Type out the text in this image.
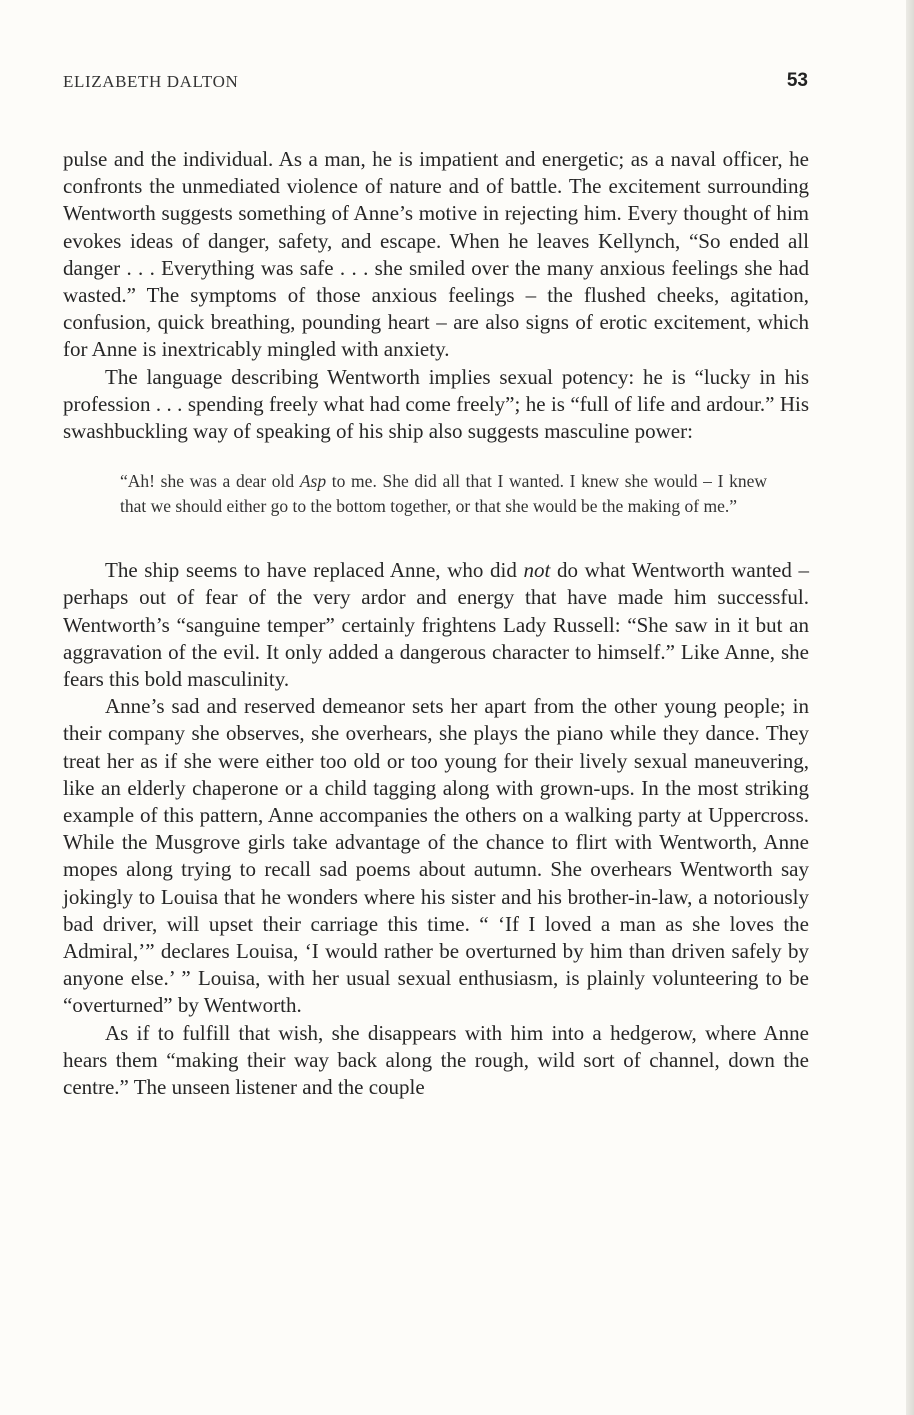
ELIZABETH DALTON	53

pulse and the individual. As a man, he is impatient and energetic; as a naval officer, he confronts the unmediated violence of nature and of battle. The excitement surrounding Wentworth suggests something of Anne’s motive in rejecting him. Every thought of him evokes ideas of danger, safety, and escape. When he leaves Kellynch, “So ended all danger . . . Everything was safe . . . she smiled over the many anxious feelings she had wasted.” The symptoms of those anxious feelings – the flushed cheeks, agitation, confusion, quick breathing, pounding heart – are also signs of erotic excitement, which for Anne is inextricably mingled with anxiety.

The language describing Wentworth implies sexual potency: he is “lucky in his profession . . . spending freely what had come freely”; he is “full of life and ardour.” His swashbuckling way of speaking of his ship also suggests masculine power:

“Ah! she was a dear old Asp to me. She did all that I wanted. I knew she would – I knew that we should either go to the bottom together, or that she would be the making of me.”

The ship seems to have replaced Anne, who did not do what Wentworth wanted – perhaps out of fear of the very ardor and energy that have made him successful. Wentworth’s “sanguine temper” certainly frightens Lady Russell: “She saw in it but an aggravation of the evil. It only added a dangerous character to himself.” Like Anne, she fears this bold masculinity.

Anne’s sad and reserved demeanor sets her apart from the other young people; in their company she observes, she overhears, she plays the piano while they dance. They treat her as if she were either too old or too young for their lively sexual maneuvering, like an elderly chaperone or a child tagging along with grown-ups. In the most striking example of this pattern, Anne accompanies the others on a walking party at Uppercross. While the Musgrove girls take advantage of the chance to flirt with Wentworth, Anne mopes along trying to recall sad poems about autumn. She overhears Wentworth say jokingly to Louisa that he wonders where his sister and his brother-in-law, a notoriously bad driver, will upset their carriage this time. “ ‘If I loved a man as she loves the Admiral,’” declares Louisa, ‘I would rather be overturned by him than driven safely by anyone else.’ ” Louisa, with her usual sexual enthusiasm, is plainly volunteering to be “overturned” by Wentworth.

As if to fulfill that wish, she disappears with him into a hedgerow, where Anne hears them “making their way back along the rough, wild sort of channel, down the centre.” The unseen listener and the couple
